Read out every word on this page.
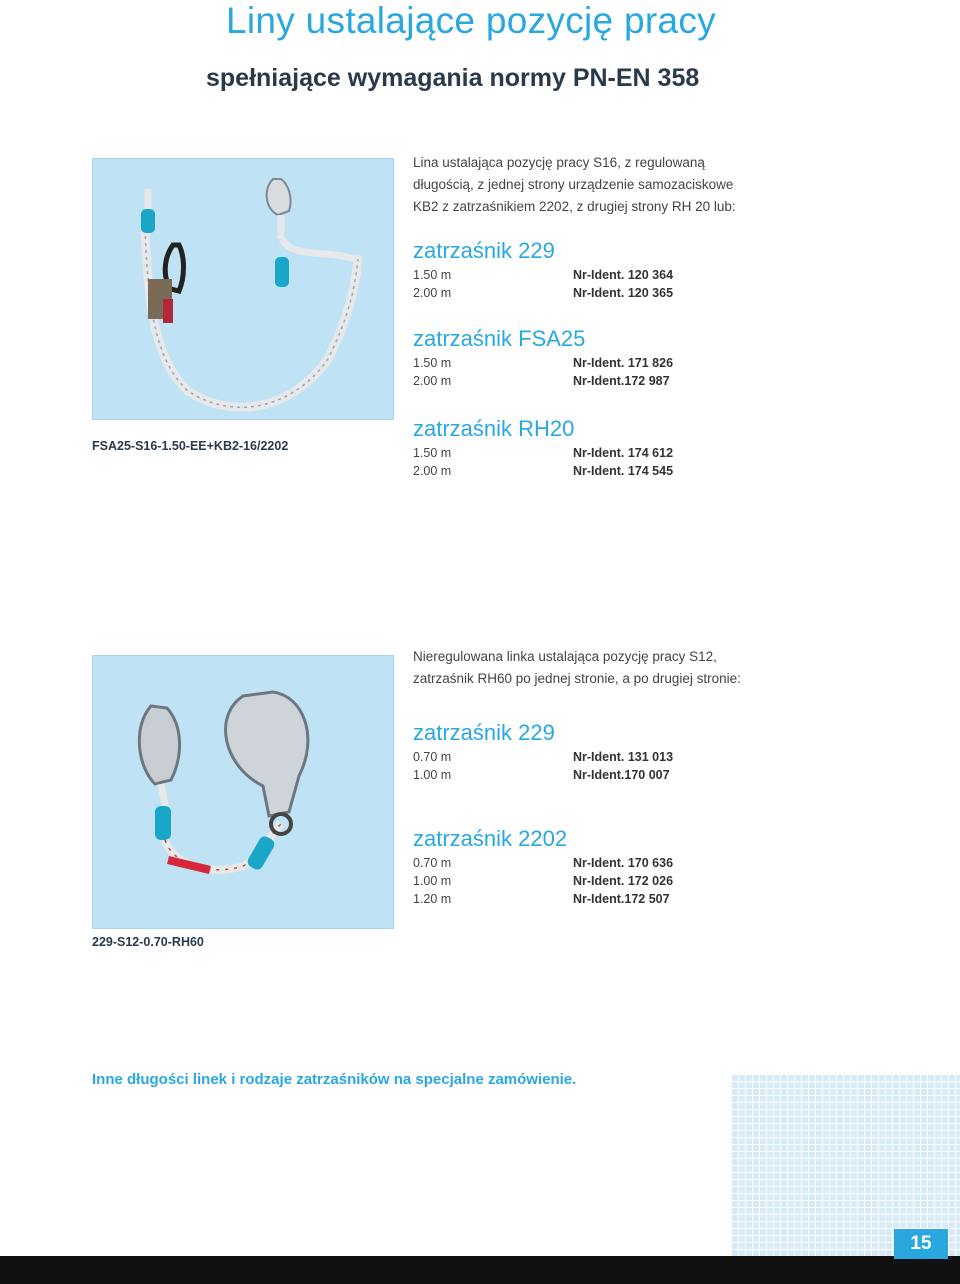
Liny ustalające pozycję pracy
spełniające wymagania normy PN-EN 358
FSA25-S16-1.50-EE+KB2-16/2202

Lina ustalająca pozycję pracy S16, z regulowaną
długością, z jednej strony urządzenie samozaciskowe
KB2 z zatrzaśnikiem 2202, z drugiej strony RH 20 lub:

zatrzaśnik 229
1.50 m	Nr-Ident. 120 364
2.00 m	Nr-Ident. 120 365
zatrzaśnik FSA25
1.50 m	Nr-Ident. 171 826
2.00 m	Nr-Ident.172 987
zatrzaśnik RH20
1.50 m	Nr-Ident. 174 612
2.00 m	Nr-Ident. 174 545
229-S12-0.70-RH60

Nieregulowana linka ustalająca pozycję pracy S12,
zatrzaśnik RH60 po jednej stronie, a po drugiej stronie:

zatrzaśnik 229
0.70 m	Nr-Ident. 131 013
1.00 m	Nr-Ident.170 007
zatrzaśnik 2202
0.70 m	Nr-Ident. 170 636
1.00 m	Nr-Ident. 172 026
1.20 m	Nr-Ident.172 507

Inne długości linek i rodzaje zatrzaśników na specjalne zamówienie.

15
